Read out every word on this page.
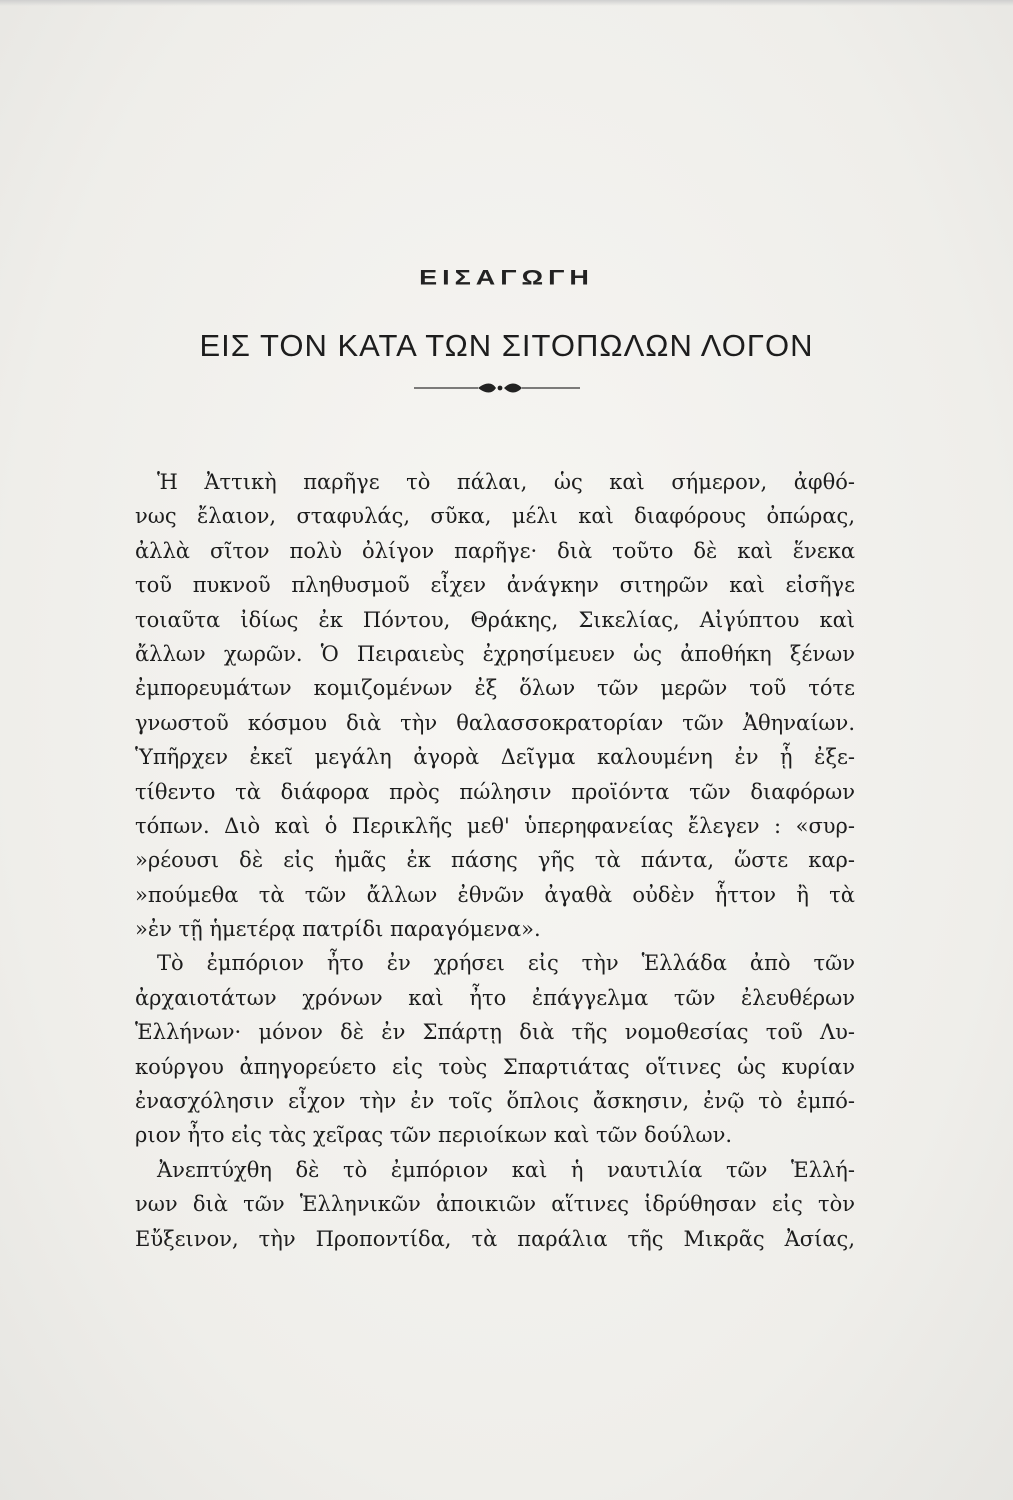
ΕΙΣΑΓΩΓΗ
ΕΙΣ ΤΟΝ ΚΑΤΑ ΤΩΝ ΣΙΤΟΠΩΛΩΝ ΛΟΓΟΝ
Ἡ Ἀττικὴ παρῆγε τὸ πάλαι, ὡς καὶ σήμερον, ἀφθό-
νως ἔλαιον, σταφυλάς, σῦκα, μέλι καὶ διαφόρους ὀπώρας,
ἀλλὰ σῖτον πολὺ ὀλίγον παρῆγε· διὰ τοῦτο δὲ καὶ ἕνεκα
τοῦ πυκνοῦ πληθυσμοῦ εἶχεν ἀνάγκην σιτηρῶν καὶ εἰσῆγε
τοιαῦτα ἰδίως ἐκ Πόντου, Θράκης, Σικελίας, Αἰγύπτου καὶ
ἄλλων χωρῶν. Ὁ Πειραιεὺς ἐχρησίμευεν ὡς ἀποθήκη ξένων
ἐμπορευμάτων κομιζομένων ἐξ ὅλων τῶν μερῶν τοῦ τότε
γνωστοῦ κόσμου διὰ τὴν θαλασσοκρατορίαν τῶν Ἀθηναίων.
Ὑπῆρχεν ἐκεῖ μεγάλη ἀγορὰ Δεῖγμα καλουμένη ἐν ᾗ ἐξε-
τίθεντο τὰ διάφορα πρὸς πώλησιν προϊόντα τῶν διαφόρων
τόπων. Διὸ καὶ ὁ Περικλῆς μεθ' ὑπερηφανείας ἔλεγεν : «συρ-
»ρέουσι δὲ εἰς ἡμᾶς ἐκ πάσης γῆς τὰ πάντα, ὥστε καρ-
»πούμεθα τὰ τῶν ἄλλων ἐθνῶν ἀγαθὰ οὐδὲν ἧττον ἢ τὰ
»ἐν τῇ ἡμετέρᾳ πατρίδι παραγόμενα».
Τὸ ἐμπόριον ἦτο ἐν χρήσει εἰς τὴν Ἑλλάδα ἀπὸ τῶν
ἀρχαιοτάτων χρόνων καὶ ἦτο ἐπάγγελμα τῶν ἐλευθέρων
Ἑλλήνων· μόνον δὲ ἐν Σπάρτῃ διὰ τῆς νομοθεσίας τοῦ Λυ-
κούργου ἀπηγορεύετο εἰς τοὺς Σπαρτιάτας οἵτινες ὡς κυρίαν
ἐνασχόλησιν εἶχον τὴν ἐν τοῖς ὅπλοις ἄσκησιν, ἐνῷ τὸ ἐμπό-
ριον ἦτο εἰς τὰς χεῖρας τῶν περιοίκων καὶ τῶν δούλων.
Ἀνεπτύχθη δὲ τὸ ἐμπόριον καὶ ἡ ναυτιλία τῶν Ἑλλή-
νων διὰ τῶν Ἑλληνικῶν ἀποικιῶν αἵτινες ἱδρύθησαν εἰς τὸν
Εὔξεινον, τὴν Προποντίδα, τὰ παράλια τῆς Μικρᾶς Ἀσίας,
